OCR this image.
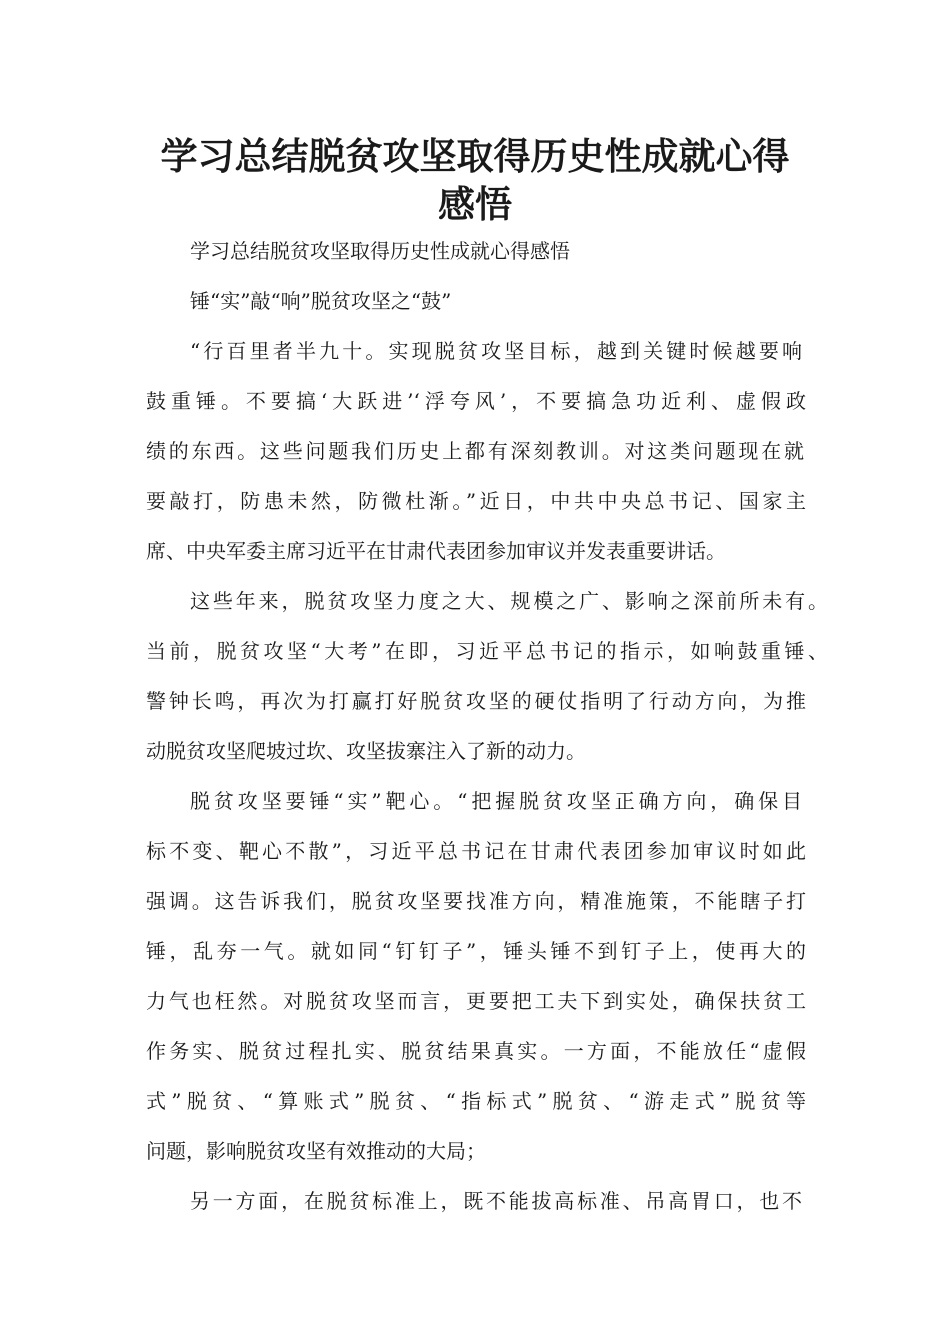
学习总结脱贫攻坚取得历史性成就心得
感悟

学习总结脱贫攻坚取得历史性成就心得感悟

锤“实”敲“响”脱贫攻坚之“鼓”

“行百里者半九十。实现脱贫攻坚目标，越到关键时候越要响

鼓重锤。不要搞‘大跃进’‘浮夸风’，不要搞急功近利、虚假政

绩的东西。这些问题我们历史上都有深刻教训。对这类问题现在就

要敲打，防患未然，防微杜渐。”近日，中共中央总书记、国家主

席、中央军委主席习近平在甘肃代表团参加审议并发表重要讲话。

这些年来，脱贫攻坚力度之大、规模之广、影响之深前所未有。

当前，脱贫攻坚“大考”在即，习近平总书记的指示，如响鼓重锤、

警钟长鸣，再次为打赢打好脱贫攻坚的硬仗指明了行动方向，为推

动脱贫攻坚爬坡过坎、攻坚拔寨注入了新的动力。

脱贫攻坚要锤“实”靶心。“把握脱贫攻坚正确方向，确保目

标不变、靶心不散”，习近平总书记在甘肃代表团参加审议时如此

强调。这告诉我们，脱贫攻坚要找准方向，精准施策，不能瞎子打

锤，乱夯一气。就如同“钉钉子”，锤头锤不到钉子上，使再大的

力气也枉然。对脱贫攻坚而言，更要把工夫下到实处，确保扶贫工

作务实、脱贫过程扎实、脱贫结果真实。一方面，不能放任“虚假

式”脱贫、“算账式”脱贫、“指标式”脱贫、“游走式”脱贫等

问题，影响脱贫攻坚有效推动的大局；

另一方面，在脱贫标准上，既不能拔高标准、吊高胃口，也不
